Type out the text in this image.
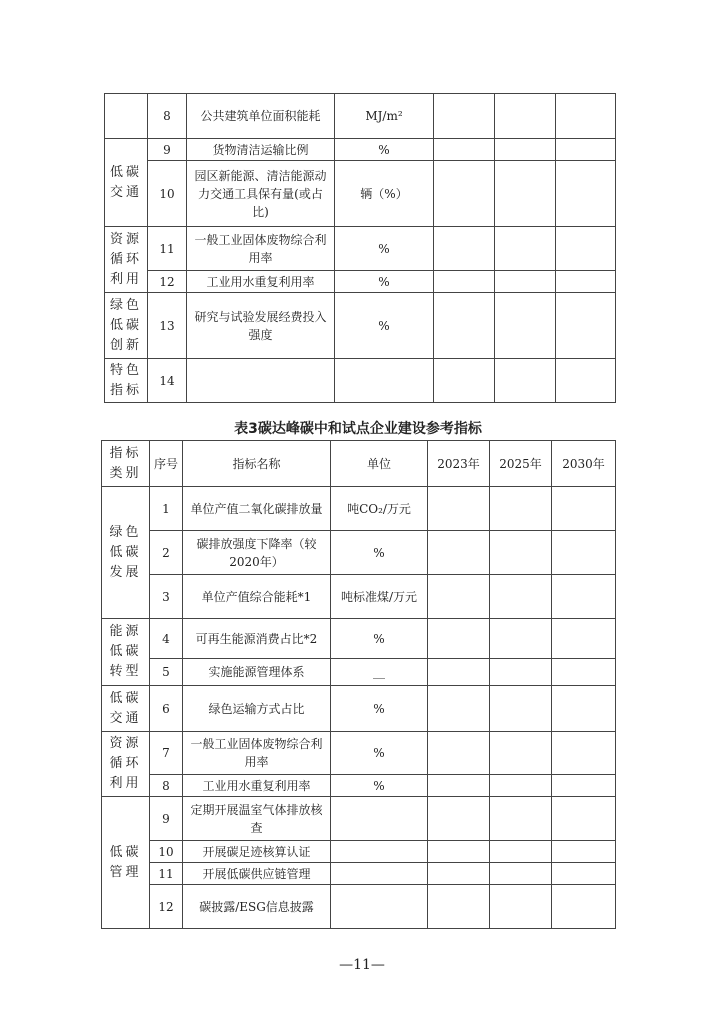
	8	公共建筑单位面积能耗	MJ/m²			
低碳交通	9	货物清洁运输比例	%			
	10	园区新能源、清洁能源动力交通工具保有量(或占比)	辆（%）			
资源循环利用	11	一般工业固体废物综合利用率	%			
	12	工业用水重复利用率	%			
绿色低碳创新	13	研究与试验发展经费投入强度	%			
特色指标	14					
表3碳达峰碳中和试点企业建设参考指标
指标类别	序号	指标名称	单位	2023年	2025年	2030年
绿色低碳发展	1	单位产值二氧化碳排放量	吨CO₂/万元			
	2	碳排放强度下降率（较2020年）	%			
	3	单位产值综合能耗*1	吨标准煤/万元			
能源低碳转型	4	可再生能源消费占比*2	%			
	5	实施能源管理体系	__			
低碳交通	6	绿色运输方式占比	%			
资源循环利用	7	一般工业固体废物综合利用率	%			
	8	工业用水重复利用率	%			
低碳管理	9	定期开展温室气体排放核查				
	10	开展碳足迹核算认证				
	11	开展低碳供应链管理				
	12	碳披露/ESG信息披露				
—11—
